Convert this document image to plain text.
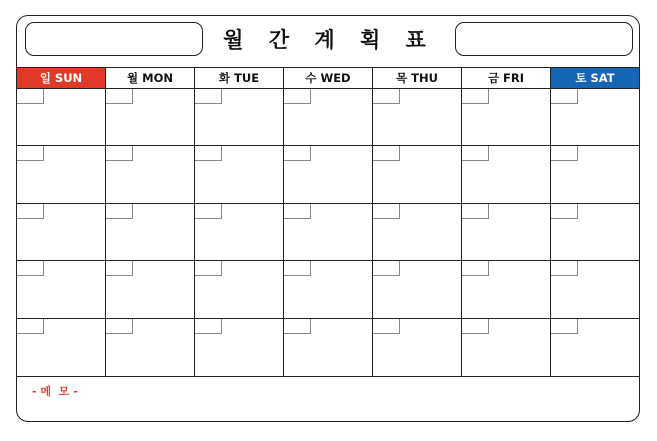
월 간 계 획 표
일 SUN	월 MON	화 TUE	수 WED	목 THU	금 FRI	토 SAT
- 메  모 -
